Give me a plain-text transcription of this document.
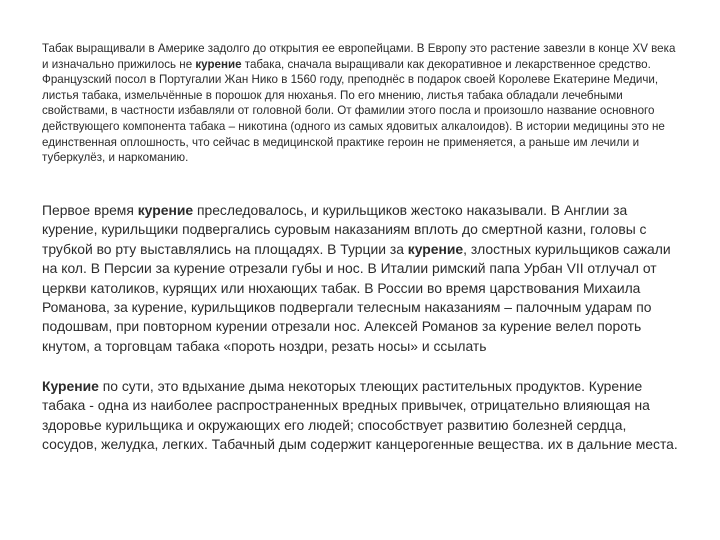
Табак выращивали в Америке задолго до открытия ее европейцами. В Европу это растение завезли в конце XV века и изначально прижилось не курение табака, сначала выращивали как декоративное и лекарственное средство.

Французский посол в Португалии Жан Нико в 1560 году, преподнёс в подарок своей Королеве Екатерине Медичи, листья табака, измельчённые в порошок для нюханья. По его мнению, листья табака обладали лечебными свойствами, в частности избавляли от головной боли. От фамилии этого посла и произошло название основного действующего компонента табака – никотина (одного из самых ядовитых алкалоидов). В истории медицины это не единственная оплошность, что сейчас в медицинской практике героин не применяется, а раньше им лечили и туберкулёз, и наркоманию.

Первое время курение преследовалось, и курильщиков жестоко наказывали. В Англии за курение, курильщики подвергались суровым наказаниям вплоть до смертной казни, головы с трубкой во рту выставлялись на площадях. В Турции за курение, злостных курильщиков сажали на кол. В Персии за курение отрезали губы и нос. В Италии римский папа Урбан VII отлучал от церкви католиков, курящих или нюхающих табак. В России во время царствования Михаила Романова, за курение, курильщиков подвергали телесным наказаниям – палочным ударам по подошвам, при повторном курении отрезали нос. Алексей Романов за курение велел пороть кнутом, а торговцам табака «пороть ноздри, резать носы» и ссылать

Курение по сути, это вдыхание дыма некоторых тлеющих растительных продуктов. Курение табака - одна из наиболее распространенных вредных привычек, отрицательно влияющая на здоровье курильщика и окружающих его людей; способствует развитию болезней сердца, сосудов, желудка, легких. Табачный дым содержит канцерогенные вещества. их в дальние места.
